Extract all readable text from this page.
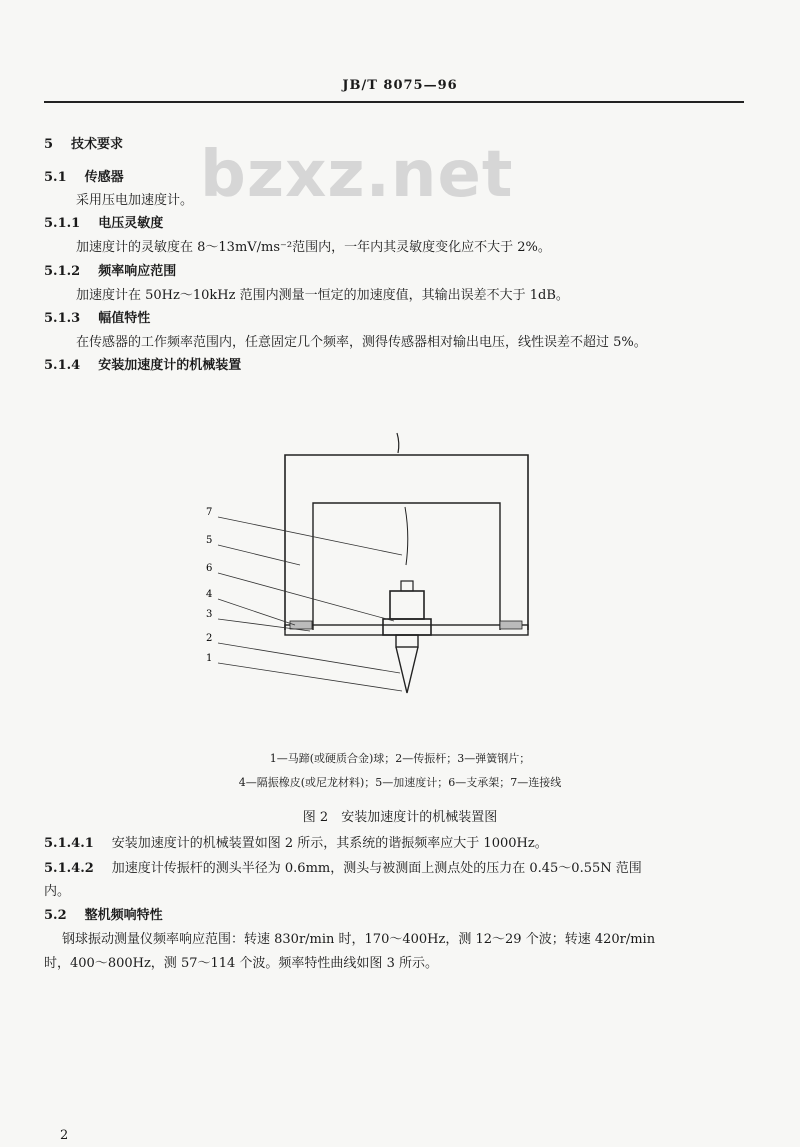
JB/T 8075—96
bzxz.net
5 技术要求
5.1 传感器
采用压电加速度计。
5.1.1 电压灵敏度
加速度计的灵敏度在 8～13mV/ms⁻²范围内，一年内其灵敏度变化应不大于 2%。
5.1.2 频率响应范围
加速度计在 50Hz～10kHz 范围内测量一恒定的加速度值，其输出误差不大于 1dB。
5.1.3 幅值特性
在传感器的工作频率范围内，任意固定几个频率，测得传感器相对输出电压，线性误差不超过 5%。
5.1.4 安装加速度计的机械装置
7
5
6
4
3
2
1
1—马蹄(或硬质合金)球；2—传振杆；3—弹簧钢片；
4—隔振橡皮(或尼龙材料)；5—加速度计；6—支承架；7—连接线
图 2　安装加速度计的机械装置图
5.1.4.1 安装加速度计的机械装置如图 2 所示，其系统的谐振频率应大于 1000Hz。
5.1.4.2 加速度计传振杆的测头半径为 0.6mm，测头与被测面上测点处的压力在 0.45～0.55N 范围
内。
5.2 整机频响特性
钢球振动测量仪频率响应范围：转速 830r/min 时，170～400Hz，测 12～29 个波；转速 420r/min
时，400～800Hz，测 57～114 个波。频率特性曲线如图 3 所示。
2
